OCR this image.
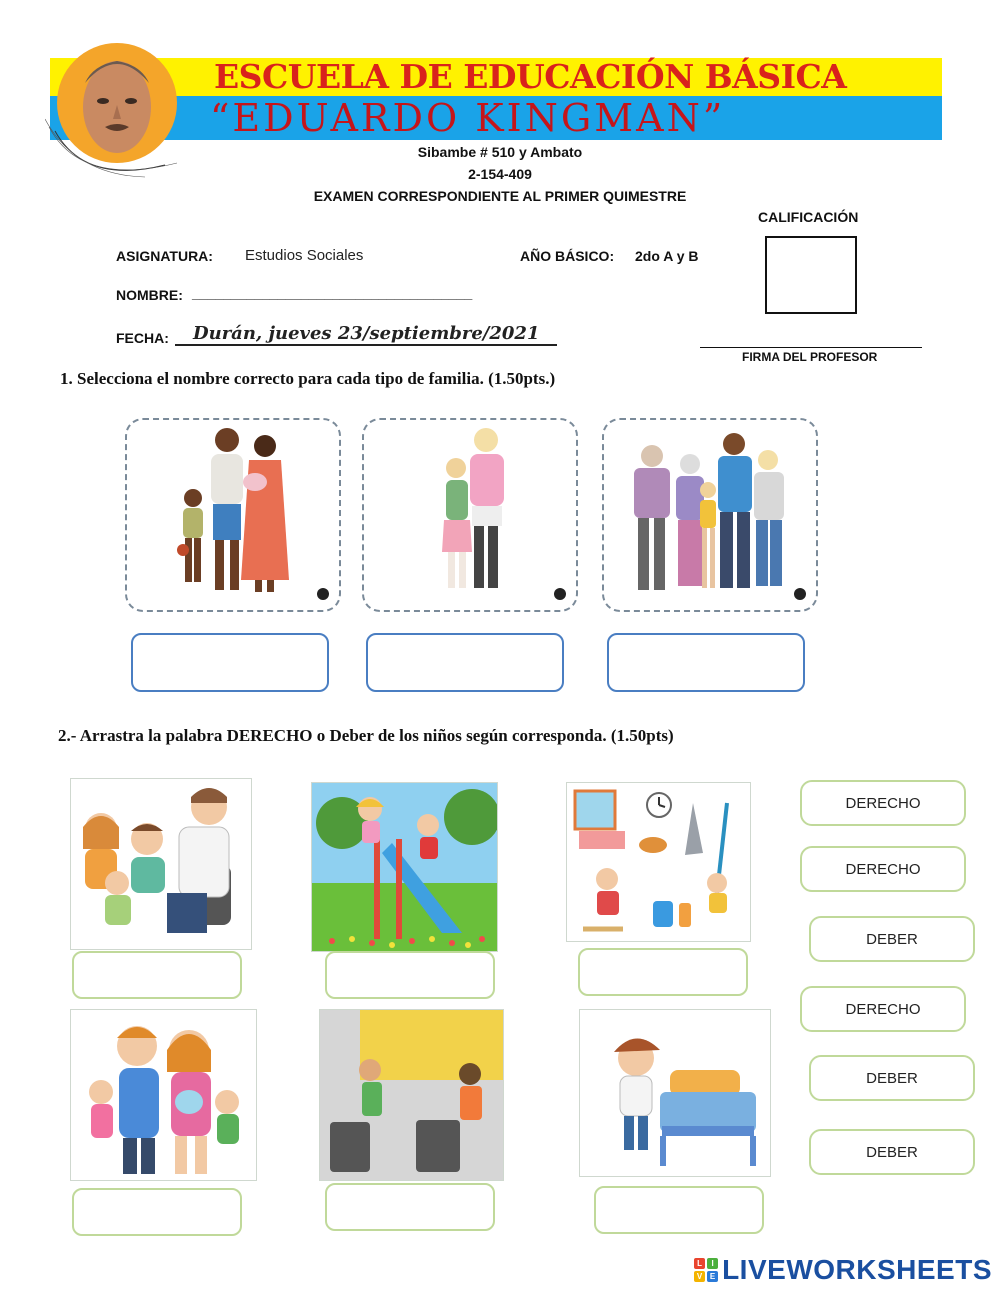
ESCUELA DE EDUCACIÓN BÁSICA
“EDUARDO KINGMAN”
Sibambe # 510 y Ambato
2-154-409
EXAMEN CORRESPONDIENTE AL PRIMER QUIMESTRE
CALIFICACIÓN
ASIGNATURA: Estudios Sociales	AÑO BÁSICO: 2do A y B
NOMBRE: ____________________________________
FECHA:	Durán, jueves 23/septiembre/2021
FIRMA DEL PROFESOR
1. Selecciona el nombre correcto para cada tipo de familia. (1.50pts.)
2.- Arrastra la palabra DERECHO o Deber de los niños según corresponda. (1.50pts)
DERECHO
DERECHO
DEBER
DERECHO
DEBER
DEBER
L	I
V E LIVEWORKSHEETS
